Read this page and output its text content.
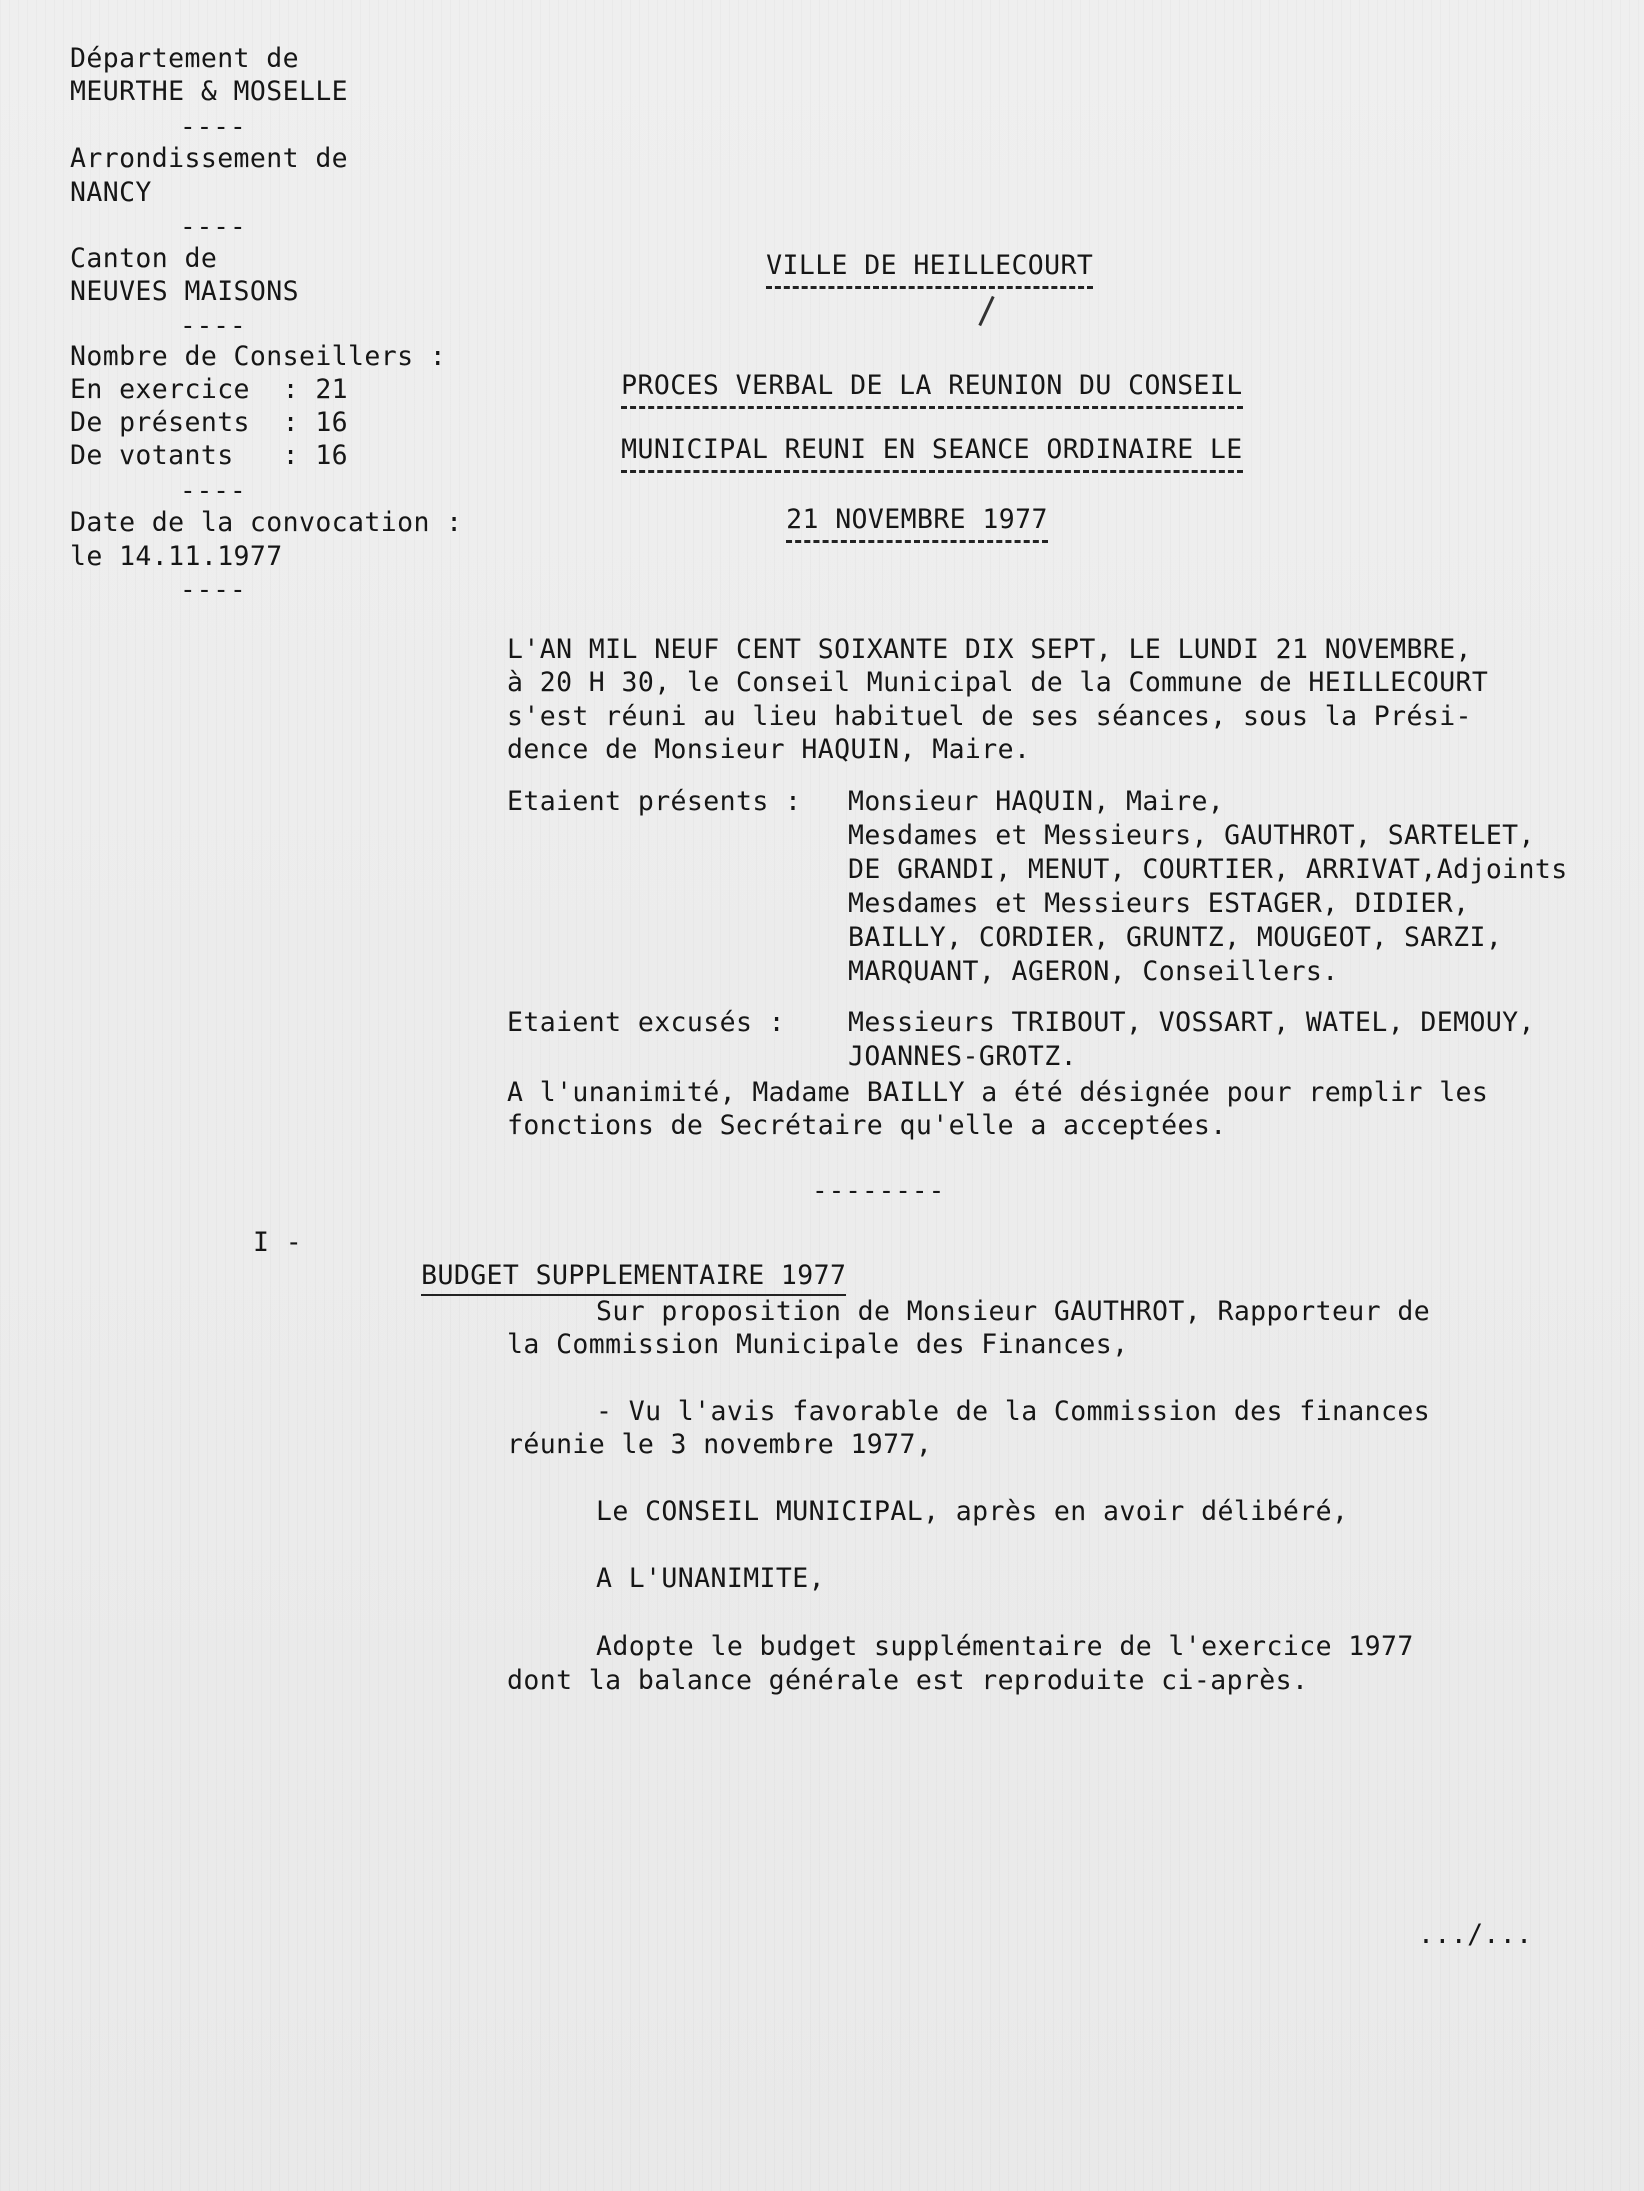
Département de
MEURTHE & MOSELLE
----
Arrondissement de
NANCY
----
Canton de
NEUVES MAISONS
----
Nombre de Conseillers :
En exercice  : 21
De présents  : 16
De votants   : 16
----
Date de la convocation :
le 14.11.1977
----

VILLE DE HEILLECOURT

PROCES VERBAL DE LA REUNION DU CONSEIL

MUNICIPAL REUNI EN SEANCE ORDINAIRE LE

21 NOVEMBRE 1977

L'AN MIL NEUF CENT SOIXANTE DIX SEPT, LE LUNDI 21 NOVEMBRE,
à 20 H 30, le Conseil Municipal de la Commune de HEILLECOURT
s'est réuni au lieu habituel de ses séances, sous la Prési-
dence de Monsieur HAQUIN, Maire.
Etaient présents : Monsieur HAQUIN, Maire,
Mesdames et Messieurs, GAUTHROT, SARTELET,
DE GRANDI, MENUT, COURTIER, ARRIVAT,Adjoints
Mesdames et Messieurs ESTAGER, DIDIER,
BAILLY, CORDIER, GRUNTZ, MOUGEOT, SARZI,
MARQUANT, AGERON, Conseillers.
Etaient excusés : Messieurs TRIBOUT, VOSSART, WATEL, DEMOUY,
JOANNES-GROTZ.
A l'unanimité, Madame BAILLY a été désignée pour remplir les
fonctions de Secrétaire qu'elle a acceptées.
--------
I -

BUDGET SUPPLEMENTAIRE 1977

Sur proposition de Monsieur GAUTHROT, Rapporteur de
la Commission Municipale des Finances,
- Vu l'avis favorable de la Commission des finances
réunie le 3 novembre 1977,
Le CONSEIL MUNICIPAL, après en avoir délibéré,
A L'UNANIMITE,
Adopte le budget supplémentaire de l'exercice 1977
dont la balance générale est reproduite ci-après.
.../...
